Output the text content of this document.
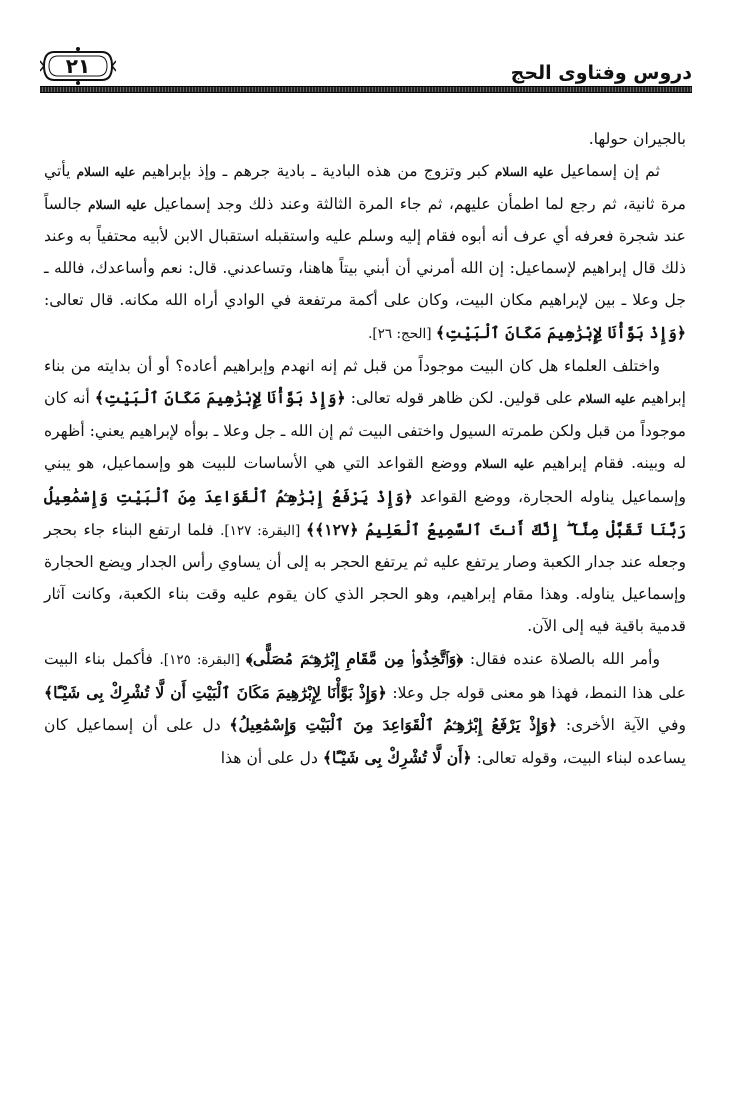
دروس وفتاوى الحج
٢١

بالجيران حولها.

ثم إن إسماعيل عليه السلام كبر وتزوج من هذه البادية ـ بادية جرهم ـ وإذ بإبراهيم عليه السلام يأتي مرة ثانية، ثم رجع لما اطمأن عليهم، ثم جاء المرة الثالثة وعند ذلك وجد إسماعيل عليه السلام جالساً عند شجرة فعرفه أي عرف أنه أبوه فقام إليه وسلم عليه واستقبله استقبال الابن لأبيه محتفياً به وعند ذلك قال إبراهيم لإسماعيل: إن الله أمرني أن أبني بيتاً هاهنا، وتساعدني. قال: نعم وأساعدك، فالله ـ جل وعلا ـ بين لإبراهيم مكان البيت، وكان على أكمة مرتفعة في الوادي أراه الله مكانه. قال تعالى: ﴿وَإِذْ بَوَّأْنَا لِإِبْرَٰهِيمَ مَكَانَ ٱلْبَيْتِ﴾ [الحج: ٢٦].

واختلف العلماء هل كان البيت موجوداً من قبل ثم إنه انهدم وإبراهيم أعاده؟ أو أن بدايته من بناء إبراهيم عليه السلام على قولين. لكن ظاهر قوله تعالى: ﴿وَإِذْ بَوَّأْنَا لِإِبْرَٰهِيمَ مَكَانَ ٱلْبَيْتِ﴾ أنه كان موجوداً من قبل ولكن طمرته السيول واختفى البيت ثم إن الله ـ جل وعلا ـ بوأه لإبراهيم يعني: أظهره له وبينه. فقام إبراهيم عليه السلام ووضع القواعد التي هي الأساسات للبيت هو وإسماعيل، هو يبني وإسماعيل يناوله الحجارة، ووضع القواعد ﴿وَإِذْ يَرْفَعُ إِبْرَٰهِـۧمُ ٱلْقَوَاعِدَ مِنَ ٱلْبَيْتِ وَإِسْمَٰعِيلُ رَبَّنَا تَقَبَّلْ مِنَّآ ۖ إِنَّكَ أَنتَ ٱلسَّمِيعُ ٱلْعَلِيمُ ﴿١٢٧﴾﴾ [البقرة: ١٢٧]. فلما ارتفع البناء جاء بحجر وجعله عند جدار الكعبة وصار يرتفع عليه ثم يرتفع الحجر به إلى أن يساوي رأس الجدار ويضع الحجارة وإسماعيل يناوله. وهذا مقام إبراهيم، وهو الحجر الذي كان يقوم عليه وقت بناء الكعبة، وكانت آثار قدمية باقية فيه إلى الآن.

وأمر الله بالصلاة عنده فقال: ﴿وَٱتَّخِذُوا۟ مِن مَّقَامِ إِبْرَٰهِـۧمَ مُصَلًّى﴾ [البقرة: ١٢٥]. فأكمل بناء البيت على هذا النمط، فهذا هو معنى قوله جل وعلا: ﴿وَإِذْ بَوَّأْنَا لِإِبْرَٰهِيمَ مَكَانَ ٱلْبَيْتِ أَن لَّا تُشْرِكْ بِى شَيْـًٔا﴾ وفي الآية الأخرى: ﴿وَإِذْ يَرْفَعُ إِبْرَٰهِـۧمُ ٱلْقَوَاعِدَ مِنَ ٱلْبَيْتِ وَإِسْمَٰعِيلُ﴾ دل على أن إسماعيل كان يساعده لبناء البيت، وقوله تعالى: ﴿أَن لَّا تُشْرِكْ بِى شَيْـًٔا﴾ دل على أن هذا
